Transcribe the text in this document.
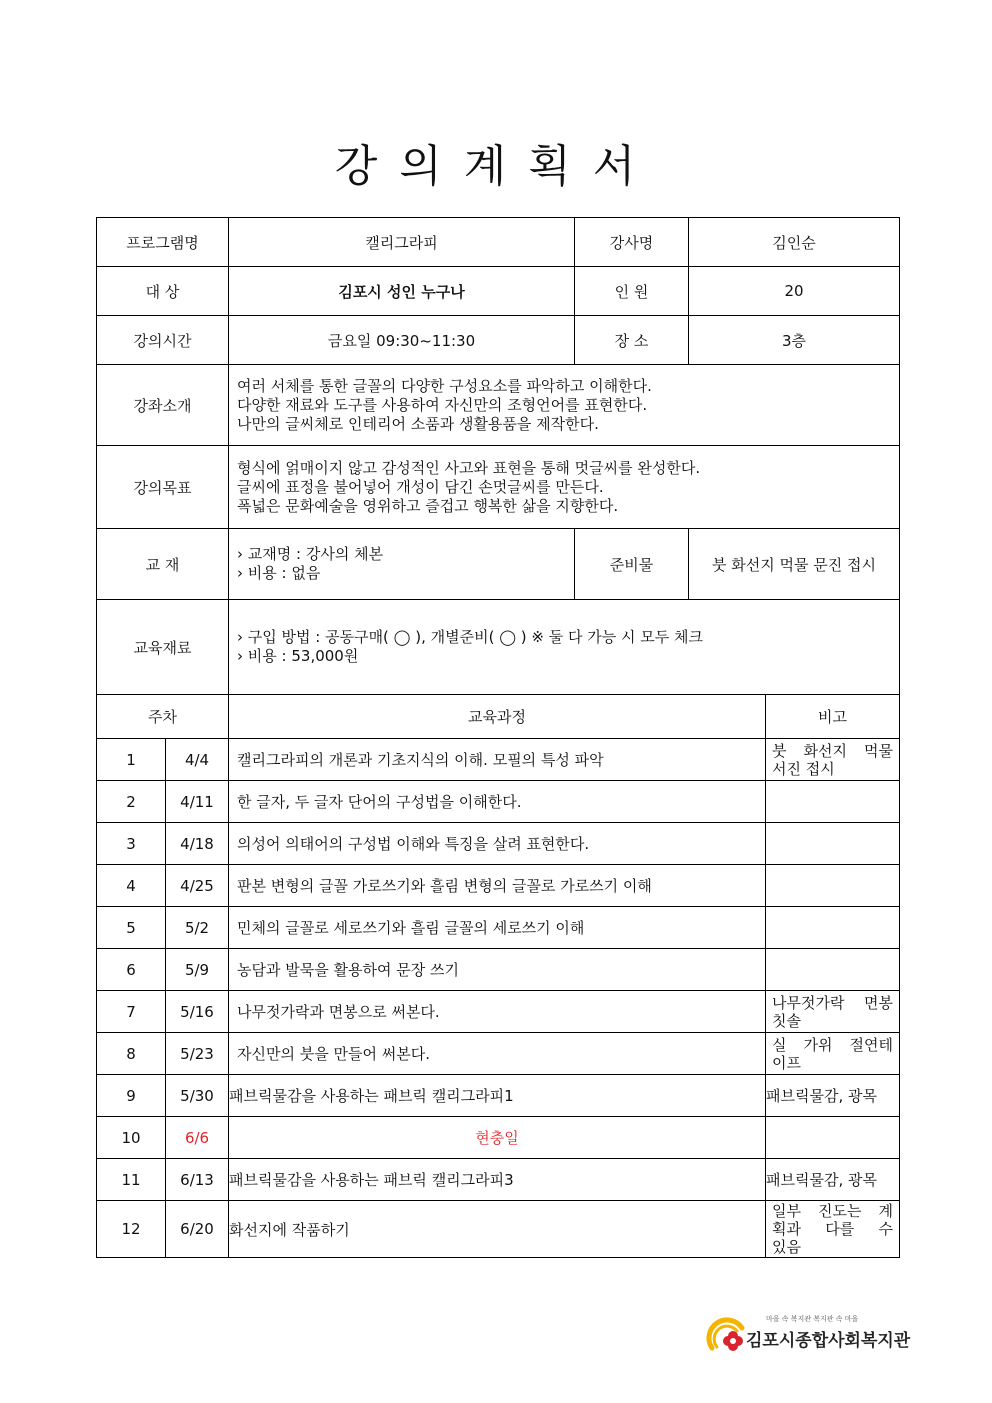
강의계획서
프로그램명		캘리그라피	강사명	김인순	
대 상		김포시 성인 누구나	인 원	20	
강의시간		금요일 09:30~11:30	장 소	3층	
강좌소개		여러 서체를 통한 글꼴의 다양한 구성요소를 파악하고 이해한다.
다양한 재료와 도구를 사용하여 자신만의 조형언어를 표현한다.
나만의 글씨체로 인테리어 소품과 생활용품을 제작한다.			

강의목표		형식에 얽매이지 않고 감성적인 사고와 표현을 통해 멋글씨를 완성한다.
글씨에 표정을 불어넣어 개성이 담긴 손멋글씨를 만든다.
폭넓은 문화예술을 영위하고 즐겁고 행복한 삶을 지향한다.			

교 재		› 교재명 : 강사의 체본
› 비용 : 없음	준비물	붓 화선지 먹물 문진 접시	
교육재료		› 구입 방법 : 공동구매( ◯ ), 개별준비( ◯ ) ※ 둘 다 가능 시 모두 체크
› 비용 : 53,000원			

주차		교육과정			비고
1	4/4	캘리그라피의 개론과 기초지식의 이해. 모필의 특성 파악			붓 화선지 먹물
서진 접시

2	4/11	한 글자, 두 글자 단어의 구성법을 이해한다.			
3	4/18	의성어 의태어의 구성법 이해와 특징을 살려 표현한다.			
4	4/25	판본 변형의 글꼴 가로쓰기와 흘림 변형의 글꼴로 가로쓰기 이해			
5	5/2	민체의 글꼴로 세로쓰기와 흘림 글꼴의 세로쓰기 이해			
6	5/9	농담과 발묵을 활용하여 문장 쓰기			
7	5/16	나무젓가락과 면봉으로 써본다.			나무젓가락 면봉
칫솔

8	5/23	자신만의 붓을 만들어 써본다.			실 가위 절연테
이프

9	5/30	패브릭물감을 사용하는 패브릭 캘리그라피1			패브릭물감, 광목

10	6/6	현충일			
11	6/13	패브릭물감을 사용하는 패브릭 캘리그라피3			패브릭물감, 광목

12	6/20	화선지에 작품하기			일부 진도는 계
획과 다를 수
있음
마을 속 복지관 복지관 속 마을
김포시종합사회복지관
